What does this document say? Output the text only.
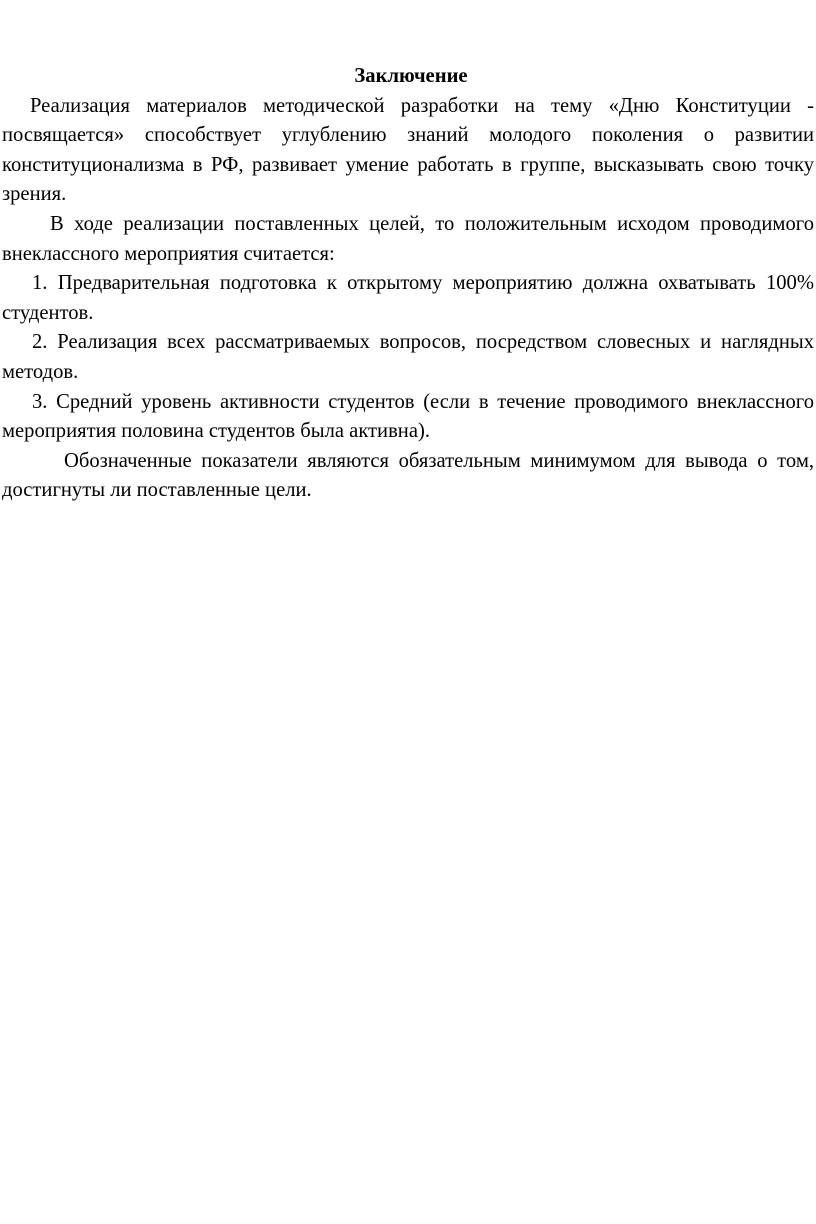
Заключение

Реализация материалов методической разработки на тему «Дню Конституции - посвящается» способствует углублению знаний молодого поколения о развитии конституционализма в РФ, развивает умение работать в группе, высказывать свою точку зрения.

В ходе реализации поставленных целей, то положительным исходом проводимого внеклассного мероприятия считается:

1. Предварительная подготовка к открытому мероприятию должна охватывать 100% студентов.

2. Реализация всех рассматриваемых вопросов, посредством словесных и наглядных методов.

3. Средний уровень активности студентов (если в течение проводимого внеклассного мероприятия половина студентов была активна).

Обозначенные показатели являются обязательным минимумом для вывода о том, достигнуты ли поставленные цели.
